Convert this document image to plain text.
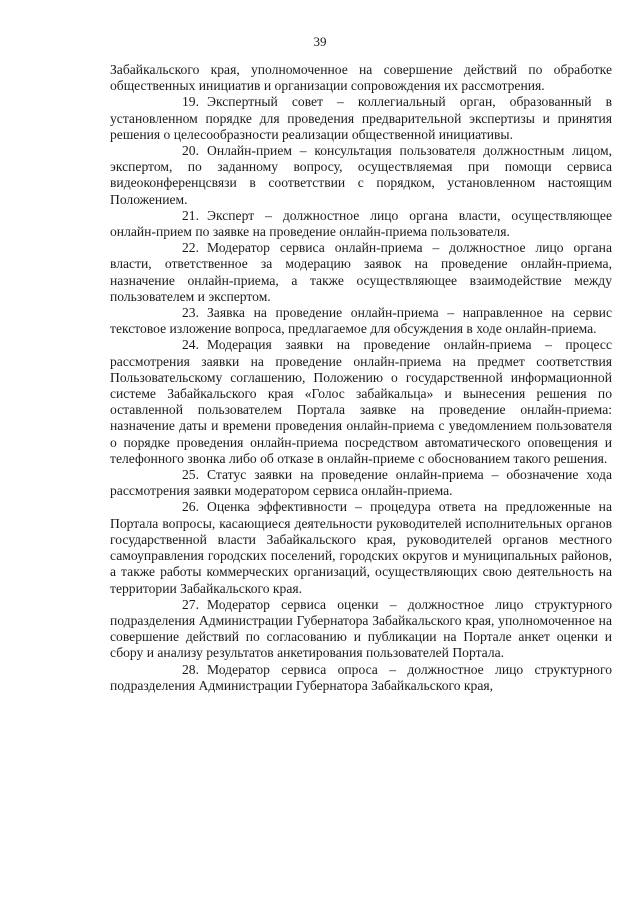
39

Забайкальского края, уполномоченное на совершение действий по обработке общественных инициатив и организации сопровождения их рассмотрения.

19. Экспертный совет – коллегиальный орган, образованный в установленном порядке для проведения предварительной экспертизы и принятия решения о целесообразности реализации общественной инициативы.

20. Онлайн-прием – консультация пользователя должностным лицом, экспертом, по заданному вопросу, осуществляемая при помощи сервиса видеоконференцсвязи в соответствии с порядком, установленном настоящим Положением.

21. Эксперт – должностное лицо органа власти, осуществляющее онлайн-прием по заявке на проведение онлайн-приема пользователя.

22. Модератор сервиса онлайн-приема – должностное лицо органа власти, ответственное за модерацию заявок на проведение онлайн-приема, назначение онлайн-приема, а также осуществляющее взаимодействие между пользователем и экспертом.

23. Заявка на проведение онлайн-приема – направленное на сервис текстовое изложение вопроса, предлагаемое для обсуждения в ходе онлайн-приема.

24. Модерация заявки на проведение онлайн-приема – процесс рассмотрения заявки на проведение онлайн-приема на предмет соответствия Пользовательскому соглашению, Положению о государственной информационной системе Забайкальского края «Голос забайкальца» и вынесения решения по оставленной пользователем Портала заявке на проведение онлайн-приема: назначение даты и времени проведения онлайн-приема с уведомлением пользователя о порядке проведения онлайн-приема посредством автоматического оповещения и телефонного звонка либо об отказе в онлайн-приеме с обоснованием такого решения.

25. Статус заявки на проведение онлайн-приема – обозначение хода рассмотрения заявки модератором сервиса онлайн-приема.

26. Оценка эффективности – процедура ответа на предложенные на Портала вопросы, касающиеся деятельности руководителей исполнительных органов государственной власти Забайкальского края, руководителей органов местного самоуправления городских поселений, городских округов и муниципальных районов, а также работы коммерческих организаций, осуществляющих свою деятельность на территории Забайкальского края.

27. Модератор сервиса оценки – должностное лицо структурного подразделения Администрации Губернатора Забайкальского края, уполномоченное на совершение действий по согласованию и публикации на Портале анкет оценки и сбору и анализу результатов анкетирования пользователей Портала.

28. Модератор сервиса опроса – должностное лицо структурного подразделения Администрации Губернатора Забайкальского края,
